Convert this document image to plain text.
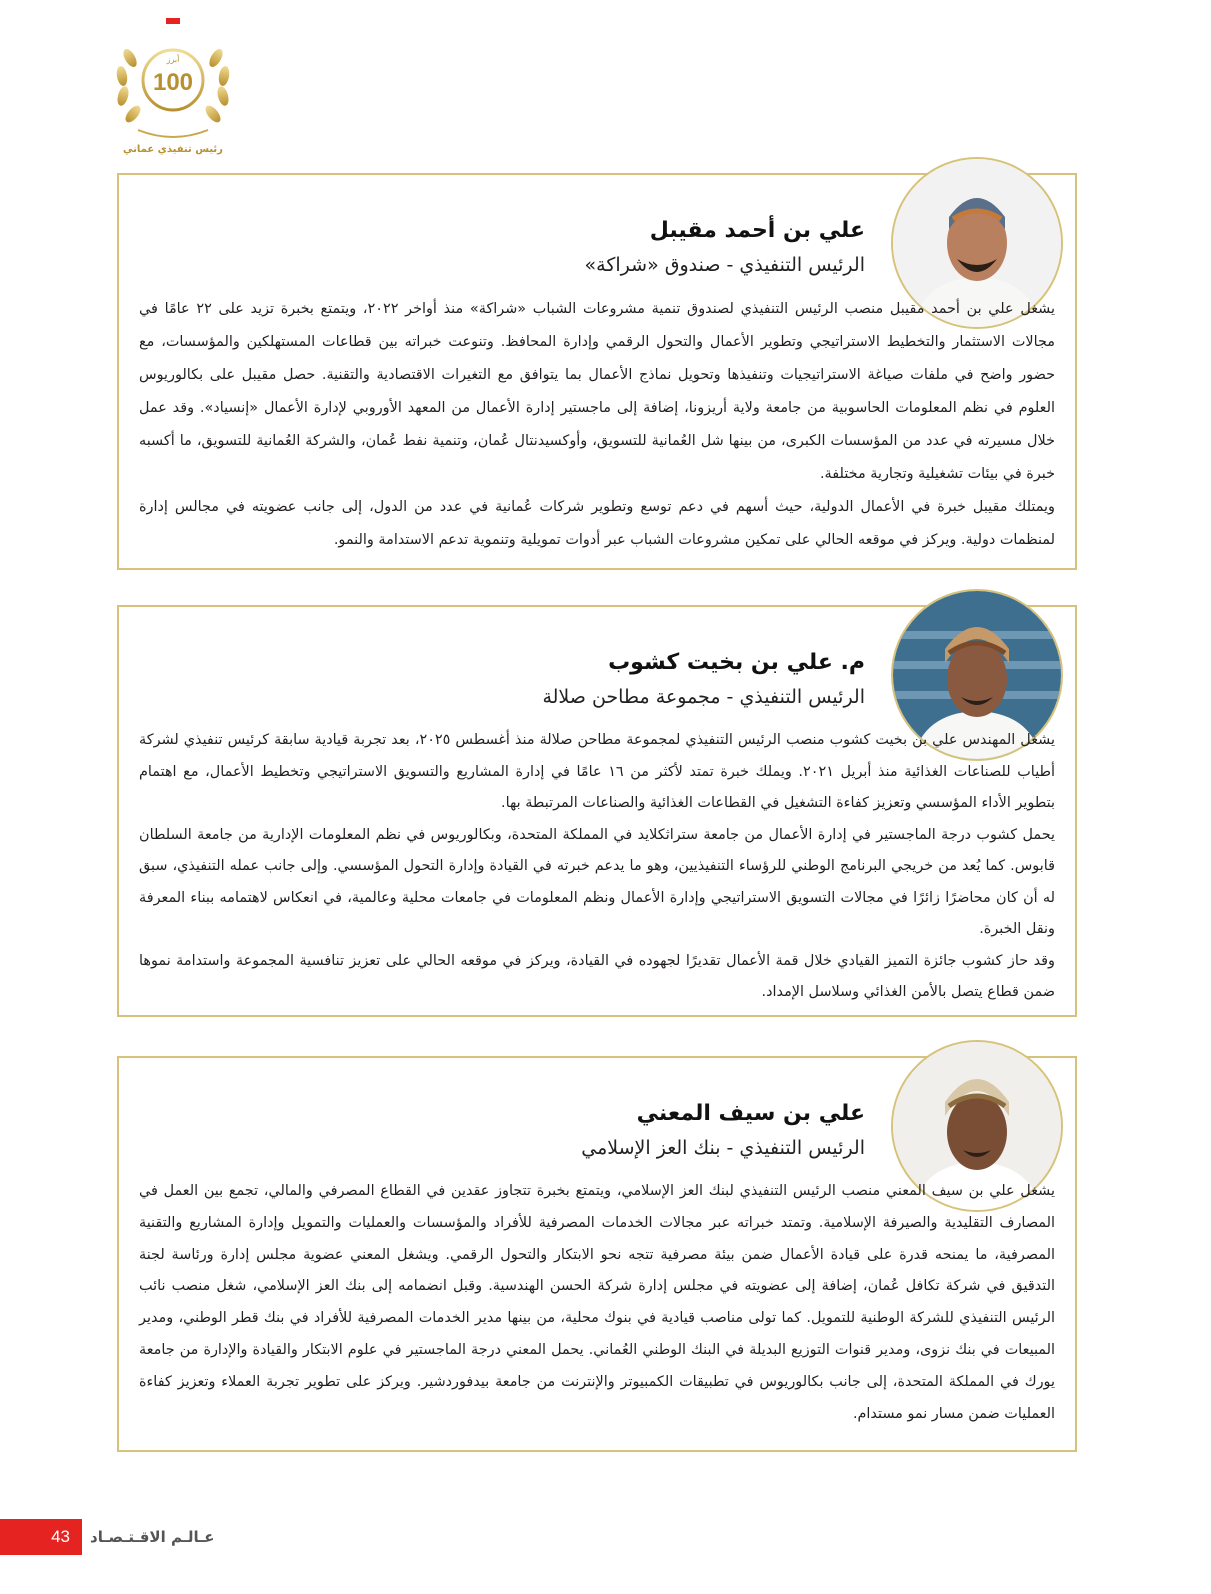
أبرز
100
رئيس تنفيذي عماني

علي بن أحمد مقيبل

الرئيس التنفيذي - صندوق «شراكة»

يشغل علي بن أحمد مقيبل منصب الرئيس التنفيذي لصندوق تنمية مشروعات الشباب «شراكة» منذ أواخر ٢٠٢٢، ويتمتع بخبرة تزيد على ٢٢ عامًا في مجالات الاستثمار والتخطيط الاستراتيجي وتطوير الأعمال والتحول الرقمي وإدارة المحافظ. وتنوعت خبراته بين قطاعات المستهلكين والمؤسسات، مع حضور واضح في ملفات صياغة الاستراتيجيات وتنفيذها وتحويل نماذج الأعمال بما يتوافق مع التغيرات الاقتصادية والتقنية. حصل مقيبل على بكالوريوس العلوم في نظم المعلومات الحاسوبية من جامعة ولاية أريزونا، إضافة إلى ماجستير إدارة الأعمال من المعهد الأوروبي لإدارة الأعمال «إنسياد». وقد عمل خلال مسيرته في عدد من المؤسسات الكبرى، من بينها شل العُمانية للتسويق، وأوكسيدنتال عُمان، وتنمية نفط عُمان، والشركة العُمانية للتسويق، ما أكسبه خبرة في بيئات تشغيلية وتجارية مختلفة.

ويمتلك مقيبل خبرة في الأعمال الدولية، حيث أسهم في دعم توسع وتطوير شركات عُمانية في عدد من الدول، إلى جانب عضويته في مجالس إدارة لمنظمات دولية. ويركز في موقعه الحالي على تمكين مشروعات الشباب عبر أدوات تمويلية وتنموية تدعم الاستدامة والنمو.

م. علي بن بخيت كشوب

الرئيس التنفيذي - مجموعة مطاحن صلالة

يشغل المهندس علي بن بخيت كشوب منصب الرئيس التنفيذي لمجموعة مطاحن صلالة منذ أغسطس ٢٠٢٥، بعد تجربة قيادية سابقة كرئيس تنفيذي لشركة أطياب للصناعات الغذائية منذ أبريل ٢٠٢١. ويملك خبرة تمتد لأكثر من ١٦ عامًا في إدارة المشاريع والتسويق الاستراتيجي وتخطيط الأعمال، مع اهتمام بتطوير الأداء المؤسسي وتعزيز كفاءة التشغيل في القطاعات الغذائية والصناعات المرتبطة بها.

يحمل كشوب درجة الماجستير في إدارة الأعمال من جامعة ستراثكلايد في المملكة المتحدة، وبكالوريوس في نظم المعلومات الإدارية من جامعة السلطان قابوس. كما يُعد من خريجي البرنامج الوطني للرؤساء التنفيذيين، وهو ما يدعم خبرته في القيادة وإدارة التحول المؤسسي. وإلى جانب عمله التنفيذي، سبق له أن كان محاضرًا زائرًا في مجالات التسويق الاستراتيجي وإدارة الأعمال ونظم المعلومات في جامعات محلية وعالمية، في انعكاس لاهتمامه ببناء المعرفة ونقل الخبرة.

وقد حاز كشوب جائزة التميز القيادي خلال قمة الأعمال تقديرًا لجهوده في القيادة، ويركز في موقعه الحالي على تعزيز تنافسية المجموعة واستدامة نموها ضمن قطاع يتصل بالأمن الغذائي وسلاسل الإمداد.

علي بن سيف المعني

الرئيس التنفيذي - بنك العز الإسلامي

يشغل علي بن سيف المعني منصب الرئيس التنفيذي لبنك العز الإسلامي، ويتمتع بخبرة تتجاوز عقدين في القطاع المصرفي والمالي، تجمع بين العمل في المصارف التقليدية والصيرفة الإسلامية. وتمتد خبراته عبر مجالات الخدمات المصرفية للأفراد والمؤسسات والعمليات والتمويل وإدارة المشاريع والتقنية المصرفية، ما يمنحه قدرة على قيادة الأعمال ضمن بيئة مصرفية تتجه نحو الابتكار والتحول الرقمي. ويشغل المعني عضوية مجلس إدارة ورئاسة لجنة التدقيق في شركة تكافل عُمان، إضافة إلى عضويته في مجلس إدارة شركة الحسن الهندسية. وقبل انضمامه إلى بنك العز الإسلامي، شغل منصب نائب الرئيس التنفيذي للشركة الوطنية للتمويل. كما تولى مناصب قيادية في بنوك محلية، من بينها مدير الخدمات المصرفية للأفراد في بنك قطر الوطني، ومدير المبيعات في بنك نزوى، ومدير قنوات التوزيع البديلة في البنك الوطني العُماني. يحمل المعني درجة الماجستير في علوم الابتكار والقيادة والإدارة من جامعة يورك في المملكة المتحدة، إلى جانب بكالوريوس في تطبيقات الكمبيوتر والإنترنت من جامعة بيدفوردشير. ويركز على تطوير تجربة العملاء وتعزيز كفاءة العمليات ضمن مسار نمو مستدام.

43	عـالـم الاقـتـصـاد
